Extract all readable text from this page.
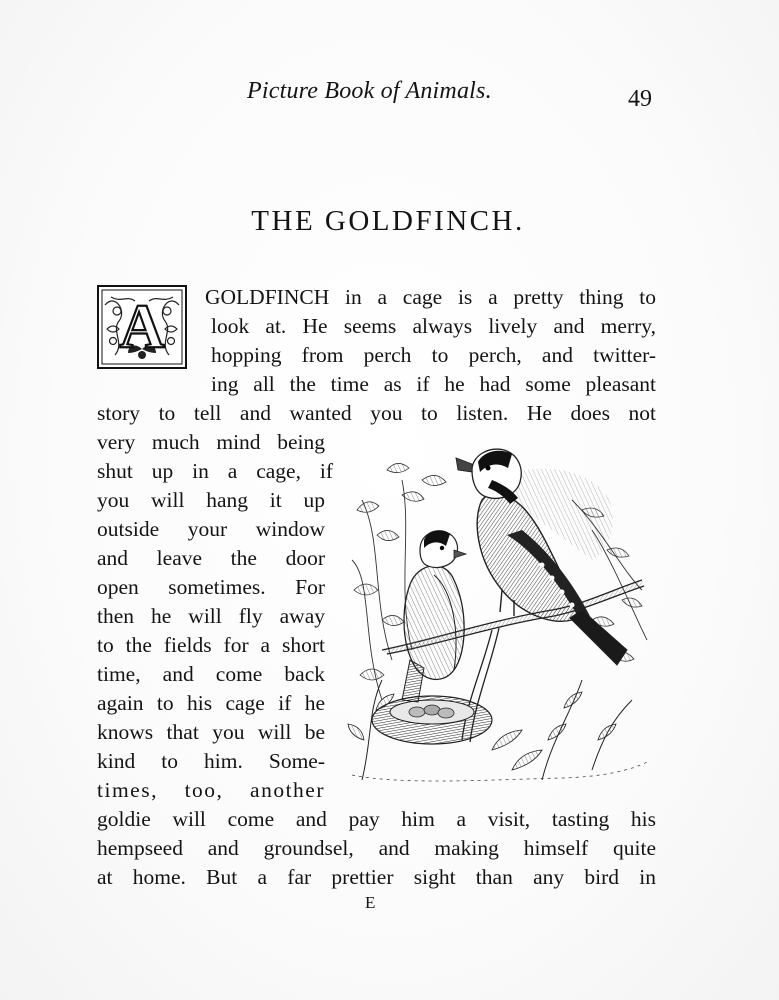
Picture Book of Animals.	49
THE GOLDFINCH.
A GOLDFINCH in a cage is a pretty thing to
look at. He seems always lively and merry,
hopping from perch to perch, and twitter-
ing all the time as if he had some pleasant
story to tell and wanted you to listen. He does not
very much mind being
shut up in a cage, if
you will hang it up
outside your window
and leave the door
open sometimes. For
then he will fly away
to the fields for a short
time, and come back
again to his cage if he
knows that you will be
kind to him. Some-
times, too, another
goldie will come and pay him a visit, tasting his
hempseed and groundsel, and making himself quite
at home. But a far prettier sight than any bird in
E
